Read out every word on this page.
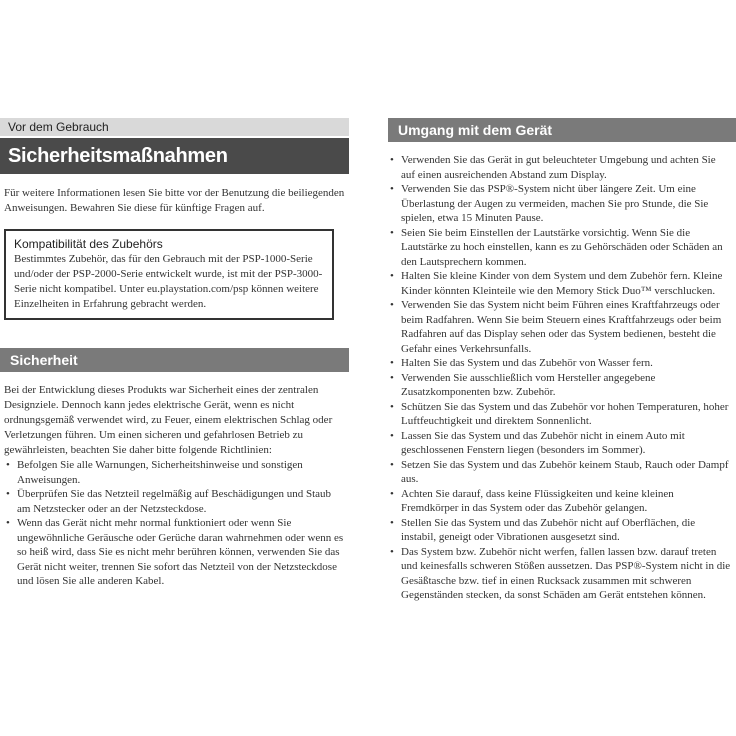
Vor dem Gebrauch
Sicherheitsmaßnahmen

Für weitere Informationen lesen Sie bitte vor der Benutzung die beiliegenden Anweisungen. Bewahren Sie diese für künftige Fragen auf.

Kompatibilität des Zubehörs
Bestimmtes Zubehör, das für den Gebrauch mit der PSP-1000-Serie und/oder der PSP-2000-Serie entwickelt wurde, ist mit der PSP-3000-Serie nicht kompatibel. Unter eu.playstation.com/psp können weitere Einzelheiten in Erfahrung gebracht werden.
Sicherheit

Bei der Entwicklung dieses Produkts war Sicherheit eines der zentralen Designziele. Dennoch kann jedes elektrische Gerät, wenn es nicht ordnungsgemäß verwendet wird, zu Feuer, einem elektrischen Schlag oder Verletzungen führen. Um einen sicheren und gefahrlosen Betrieb zu gewährleisten, beachten Sie daher bitte folgende Richtlinien:

• Befolgen Sie alle Warnungen, Sicherheitshinweise und sonstigen Anweisungen.
• Überprüfen Sie das Netzteil regelmäßig auf Beschädigungen und Staub am Netzstecker oder an der Netzsteckdose.
• Wenn das Gerät nicht mehr normal funktioniert oder wenn Sie ungewöhnliche Geräusche oder Gerüche daran wahrnehmen oder wenn es so heiß wird, dass Sie es nicht mehr berühren können, verwenden Sie das Gerät nicht weiter, trennen Sie sofort das Netzteil von der Netzsteckdose und lösen Sie alle anderen Kabel.
Umgang mit dem Gerät
• Verwenden Sie das Gerät in gut beleuchteter Umgebung und achten Sie auf einen ausreichenden Abstand zum Display.
• Verwenden Sie das PSP®-System nicht über längere Zeit. Um eine Überlastung der Augen zu vermeiden, machen Sie pro Stunde, die Sie spielen, etwa 15 Minuten Pause.
• Seien Sie beim Einstellen der Lautstärke vorsichtig. Wenn Sie die Lautstärke zu hoch einstellen, kann es zu Gehörschäden oder Schäden an den Lautsprechern kommen.
• Halten Sie kleine Kinder von dem System und dem Zubehör fern. Kleine Kinder könnten Kleinteile wie den Memory Stick Duo™ verschlucken.
• Verwenden Sie das System nicht beim Führen eines Kraftfahrzeugs oder beim Radfahren. Wenn Sie beim Steuern eines Kraftfahrzeugs oder beim Radfahren auf das Display sehen oder das System bedienen, besteht die Gefahr eines Verkehrsunfalls.
• Halten Sie das System und das Zubehör von Wasser fern.
• Verwenden Sie ausschließlich vom Hersteller angegebene Zusatzkomponenten bzw. Zubehör.
• Schützen Sie das System und das Zubehör vor hohen Temperaturen, hoher Luftfeuchtigkeit und direktem Sonnenlicht.
• Lassen Sie das System und das Zubehör nicht in einem Auto mit geschlossenen Fenstern liegen (besonders im Sommer).
• Setzen Sie das System und das Zubehör keinem Staub, Rauch oder Dampf aus.
• Achten Sie darauf, dass keine Flüssigkeiten und keine kleinen Fremdkörper in das System oder das Zubehör gelangen.
• Stellen Sie das System und das Zubehör nicht auf Oberflächen, die instabil, geneigt oder Vibrationen ausgesetzt sind.
• Das System bzw. Zubehör nicht werfen, fallen lassen bzw. darauf treten und keinesfalls schweren Stößen aussetzen. Das PSP®-System nicht in die Gesäßtasche bzw. tief in einen Rucksack zusammen mit schweren Gegenständen stecken, da sonst Schäden am Gerät entstehen können.
